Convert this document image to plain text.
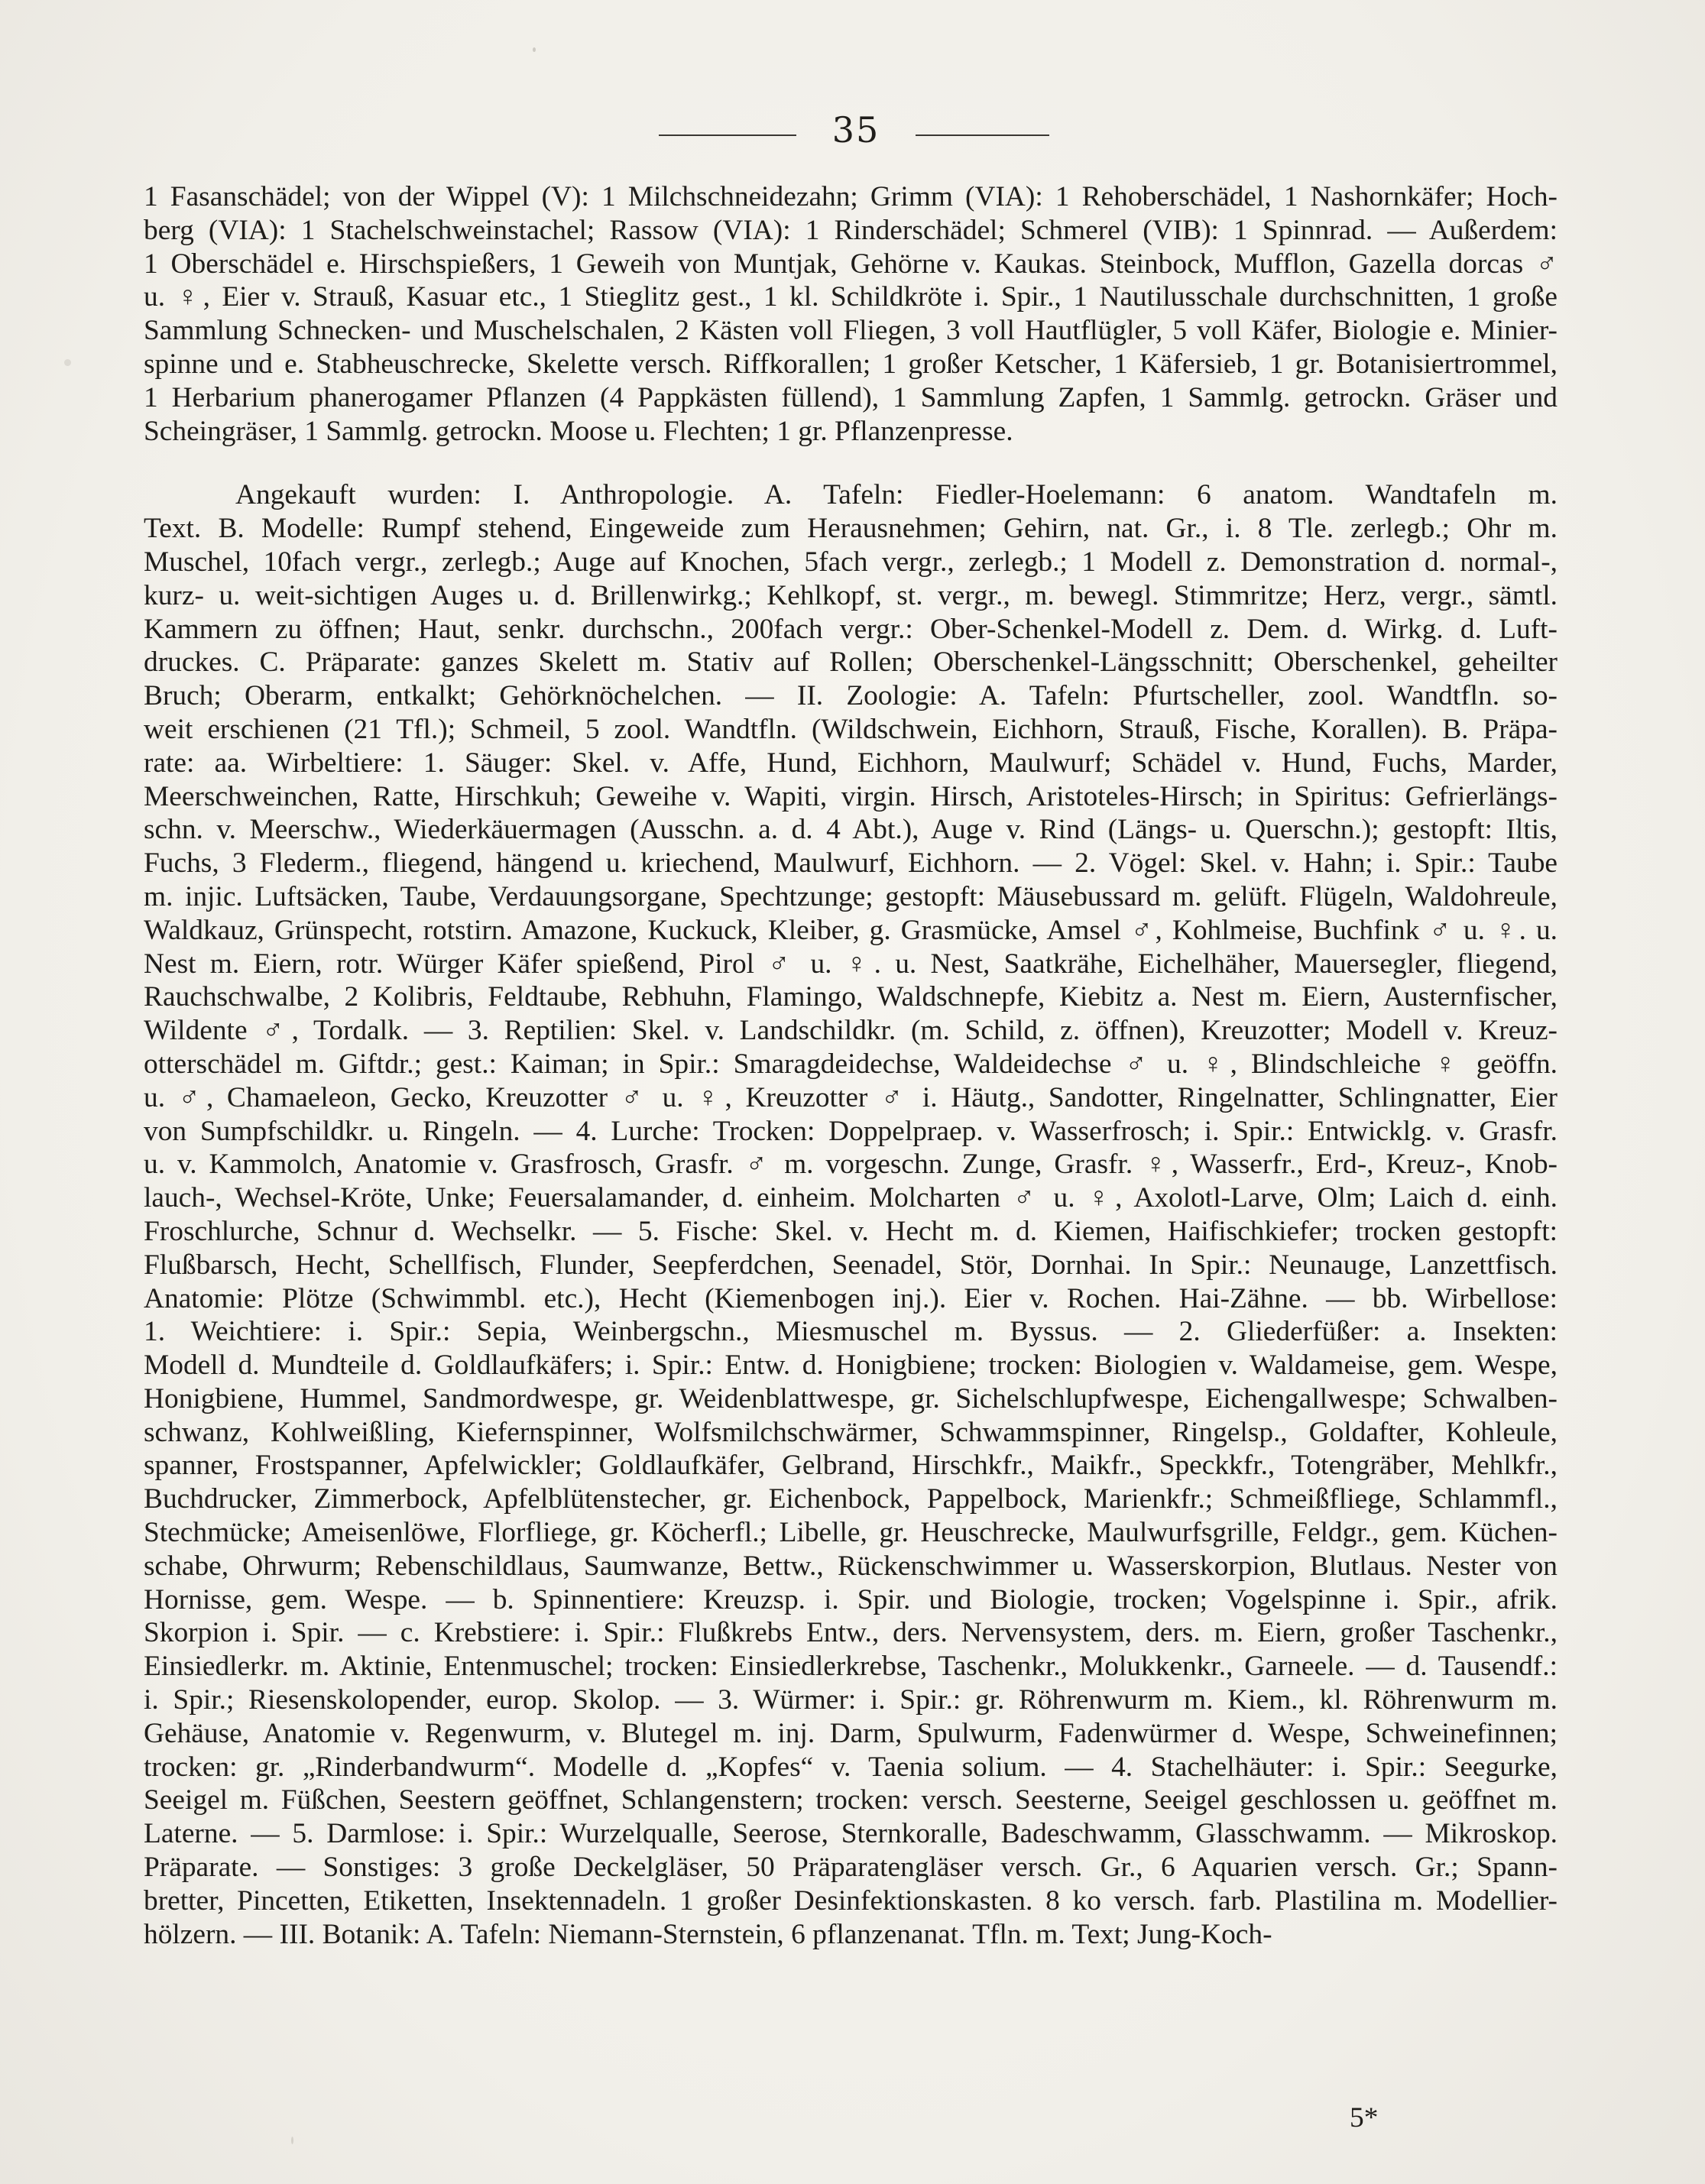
35
1 Fasanschädel; von der Wippel (V): 1 Milchschneidezahn; Grimm (VIA): 1 Rehoberschädel, 1 Nashornkäfer; Hoch-
berg (VIA): 1 Stachelschweinstachel; Rassow (VIA): 1 Rinderschädel; Schmerel (VIB): 1 Spinnrad. — Außerdem:
1 Oberschädel e. Hirschspießers, 1 Geweih von Muntjak, Gehörne v. Kaukas. Steinbock, Mufflon, Gazella dorcas ♂
u. ♀, Eier v. Strauß, Kasuar etc., 1 Stieglitz gest., 1 kl. Schildkröte i. Spir., 1 Nautilusschale durchschnitten, 1 große
Sammlung Schnecken- und Muschelschalen, 2 Kästen voll Fliegen, 3 voll Hautflügler, 5 voll Käfer, Biologie e. Minier-
spinne und e. Stabheuschrecke, Skelette versch. Riffkorallen; 1 großer Ketscher, 1 Käfersieb, 1 gr. Botanisiertrommel,
1 Herbarium phanerogamer Pflanzen (4 Pappkästen füllend), 1 Sammlung Zapfen, 1 Sammlg. getrockn. Gräser und
Scheingräser, 1 Sammlg. getrockn. Moose u. Flechten; 1 gr. Pflanzenpresse.
Angekauft wurden: I. Anthropologie. A. Tafeln: Fiedler-Hoelemann: 6 anatom. Wandtafeln m.
Text. B. Modelle: Rumpf stehend, Eingeweide zum Herausnehmen; Gehirn, nat. Gr., i. 8 Tle. zerlegb.; Ohr m.
Muschel, 10fach vergr., zerlegb.; Auge auf Knochen, 5fach vergr., zerlegb.; 1 Modell z. Demonstration d. normal-,
kurz- u. weit-sichtigen Auges u. d. Brillenwirkg.; Kehlkopf, st. vergr., m. bewegl. Stimmritze; Herz, vergr., sämtl.
Kammern zu öffnen; Haut, senkr. durchschn., 200fach vergr.: Ober-Schenkel-Modell z. Dem. d. Wirkg. d. Luft-
druckes. C. Präparate: ganzes Skelett m. Stativ auf Rollen; Oberschenkel-Längsschnitt; Oberschenkel, geheilter
Bruch; Oberarm, entkalkt; Gehörknöchelchen. — II. Zoologie: A. Tafeln: Pfurtscheller, zool. Wandtfln. so-
weit erschienen (21 Tfl.); Schmeil, 5 zool. Wandtfln. (Wildschwein, Eichhorn, Strauß, Fische, Korallen). B. Präpa-
rate: aa. Wirbeltiere: 1. Säuger: Skel. v. Affe, Hund, Eichhorn, Maulwurf; Schädel v. Hund, Fuchs, Marder,
Meerschweinchen, Ratte, Hirschkuh; Geweihe v. Wapiti, virgin. Hirsch, Aristoteles-Hirsch; in Spiritus: Gefrierlängs-
schn. v. Meerschw., Wiederkäuermagen (Ausschn. a. d. 4 Abt.), Auge v. Rind (Längs- u. Querschn.); gestopft: Iltis,
Fuchs, 3 Flederm., fliegend, hängend u. kriechend, Maulwurf, Eichhorn. — 2. Vögel: Skel. v. Hahn; i. Spir.: Taube
m. injic. Luftsäcken, Taube, Verdauungsorgane, Spechtzunge; gestopft: Mäusebussard m. gelüft. Flügeln, Waldohreule,
Waldkauz, Grünspecht, rotstirn. Amazone, Kuckuck, Kleiber, g. Grasmücke, Amsel ♂, Kohlmeise, Buchfink ♂ u. ♀. u.
Nest m. Eiern, rotr. Würger Käfer spießend, Pirol ♂ u. ♀. u. Nest, Saatkrähe, Eichelhäher, Mauersegler, fliegend,
Rauchschwalbe, 2 Kolibris, Feldtaube, Rebhuhn, Flamingo, Waldschnepfe, Kiebitz a. Nest m. Eiern, Austernfischer,
Wildente ♂, Tordalk. — 3. Reptilien: Skel. v. Landschildkr. (m. Schild, z. öffnen), Kreuzotter; Modell v. Kreuz-
otterschädel m. Giftdr.; gest.: Kaiman; in Spir.: Smaragdeidechse, Waldeidechse ♂ u. ♀, Blindschleiche ♀ geöffn.
u. ♂, Chamaeleon, Gecko, Kreuzotter ♂ u. ♀, Kreuzotter ♂ i. Häutg., Sandotter, Ringelnatter, Schlingnatter, Eier
von Sumpfschildkr. u. Ringeln. — 4. Lurche: Trocken: Doppelpraep. v. Wasserfrosch; i. Spir.: Entwicklg. v. Grasfr.
u. v. Kammolch, Anatomie v. Grasfrosch, Grasfr. ♂ m. vorgeschn. Zunge, Grasfr. ♀, Wasserfr., Erd-, Kreuz-, Knob-
lauch-, Wechsel-Kröte, Unke; Feuersalamander, d. einheim. Molcharten ♂ u. ♀, Axolotl-Larve, Olm; Laich d. einh.
Froschlurche, Schnur d. Wechselkr. — 5. Fische: Skel. v. Hecht m. d. Kiemen, Haifischkiefer; trocken gestopft:
Flußbarsch, Hecht, Schellfisch, Flunder, Seepferdchen, Seenadel, Stör, Dornhai. In Spir.: Neunauge, Lanzettfisch.
Anatomie: Plötze (Schwimmbl. etc.), Hecht (Kiemenbogen inj.). Eier v. Rochen. Hai-Zähne. — bb. Wirbellose:
1. Weichtiere: i. Spir.: Sepia, Weinbergschn., Miesmuschel m. Byssus. — 2. Gliederfüßer: a. Insekten:
Modell d. Mundteile d. Goldlaufkäfers; i. Spir.: Entw. d. Honigbiene; trocken: Biologien v. Waldameise, gem. Wespe,
Honigbiene, Hummel, Sandmordwespe, gr. Weidenblattwespe, gr. Sichelschlupfwespe, Eichengallwespe; Schwalben-
schwanz, Kohlweißling, Kiefernspinner, Wolfsmilchschwärmer, Schwammspinner, Ringelsp., Goldafter, Kohleule,
spanner, Frostspanner, Apfelwickler; Goldlaufkäfer, Gelbrand, Hirschkfr., Maikfr., Speckkfr., Totengräber, Mehlkfr.,
Buchdrucker, Zimmerbock, Apfelblütenstecher, gr. Eichenbock, Pappelbock, Marienkfr.; Schmeißfliege, Schlammfl.,
Stechmücke; Ameisenlöwe, Florfliege, gr. Köcherfl.; Libelle, gr. Heuschrecke, Maulwurfsgrille, Feldgr., gem. Küchen-
schabe, Ohrwurm; Rebenschildlaus, Saumwanze, Bettw., Rückenschwimmer u. Wasserskorpion, Blutlaus. Nester von
Hornisse, gem. Wespe. — b. Spinnentiere: Kreuzsp. i. Spir. und Biologie, trocken; Vogelspinne i. Spir., afrik.
Skorpion i. Spir. — c. Krebstiere: i. Spir.: Flußkrebs Entw., ders. Nervensystem, ders. m. Eiern, großer Taschenkr.,
Einsiedlerkr. m. Aktinie, Entenmuschel; trocken: Einsiedlerkrebse, Taschenkr., Molukkenkr., Garneele. — d. Tausendf.:
i. Spir.; Riesenskolopender, europ. Skolop. — 3. Würmer: i. Spir.: gr. Röhrenwurm m. Kiem., kl. Röhrenwurm m.
Gehäuse, Anatomie v. Regenwurm, v. Blutegel m. inj. Darm, Spulwurm, Fadenwürmer d. Wespe, Schweinefinnen;
trocken: gr. „Rinderbandwurm“. Modelle d. „Kopfes“ v. Taenia solium. — 4. Stachelhäuter: i. Spir.: Seegurke,
Seeigel m. Füßchen, Seestern geöffnet, Schlangenstern; trocken: versch. Seesterne, Seeigel geschlossen u. geöffnet m.
Laterne. — 5. Darmlose: i. Spir.: Wurzelqualle, Seerose, Sternkoralle, Badeschwamm, Glasschwamm. — Mikroskop.
Präparate. — Sonstiges: 3 große Deckelgläser, 50 Präparatengläser versch. Gr., 6 Aquarien versch. Gr.; Spann-
bretter, Pincetten, Etiketten, Insektennadeln. 1 großer Desinfektionskasten. 8 ko versch. farb. Plastilina m. Modellier-
hölzern. — III. Botanik: A. Tafeln: Niemann-Sternstein, 6 pflanzenanat. Tfln. m. Text; Jung-Koch-
5*
